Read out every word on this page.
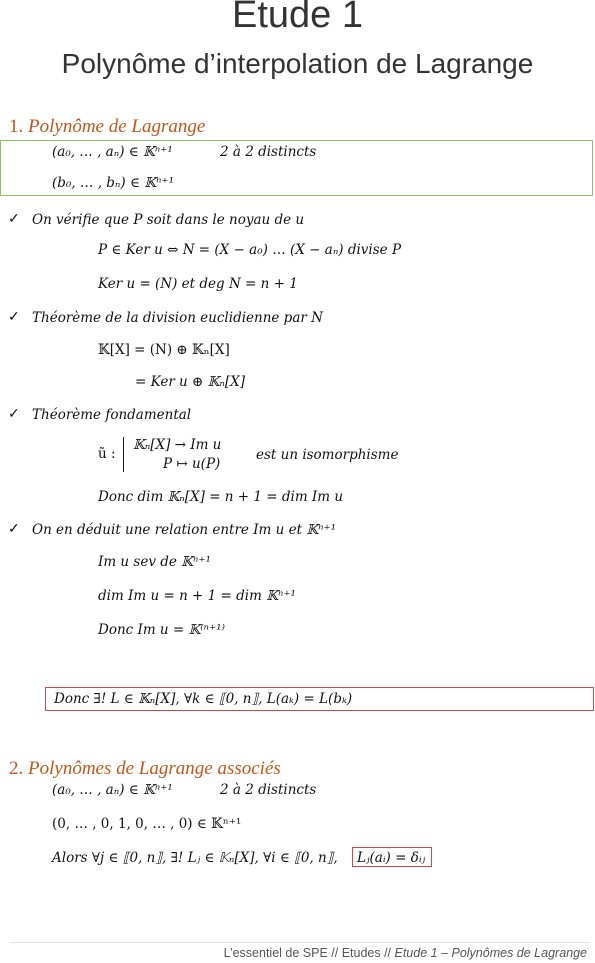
Etude 1
Polynôme d’interpolation de Lagrange
1. Polynôme de Lagrange
(a₀, … , aₙ) ∈ 𝕂ⁿ⁺¹	2 à 2 distincts
(b₀, … , bₙ) ∈ 𝕂ⁿ⁺¹
✓ On vérifie que P soit dans le noyau de u
P ∈ Ker u ⇔ N = (X − a₀) … (X − aₙ) divise P
Ker u = (N) et deg N = n + 1
✓ Théorème de la division euclidienne par N
𝕂[X] = (N) ⊕ 𝕂ₙ[X]
= Ker u ⊕ 𝕂ₙ[X]
✓ Théorème fondamental
ũ :
𝕂ₙ[X] → Im u
P ↦ u(P)
est un isomorphisme
Donc dim 𝕂ₙ[X] = n + 1 = dim Im u
✓ On en déduit une relation entre Im u et 𝕂ⁿ⁺¹
Im u sev de 𝕂ⁿ⁺¹
dim Im u = n + 1 = dim 𝕂ⁿ⁺¹
Donc Im u = 𝕂⁽ⁿ⁺¹⁾
Donc ∃! L ∈ 𝕂ₙ[X], ∀k ∈ ⟦0, n⟧, L(aₖ) = L(bₖ)
2. Polynômes de Lagrange associés
(a₀, … , aₙ) ∈ 𝕂ⁿ⁺¹	2 à 2 distincts
(0, … , 0, 1, 0, … , 0) ∈ 𝕂ⁿ⁺¹
Alors ∀j ∈ ⟦0, n⟧, ∃! Lⱼ ∈ 𝕂ₙ[X], ∀i ∈ ⟦0, n⟧, Lⱼ(aᵢ) = δᵢⱼ
L’essentiel de SPE // Etudes // Etude 1 – Polynômes de Lagrange
